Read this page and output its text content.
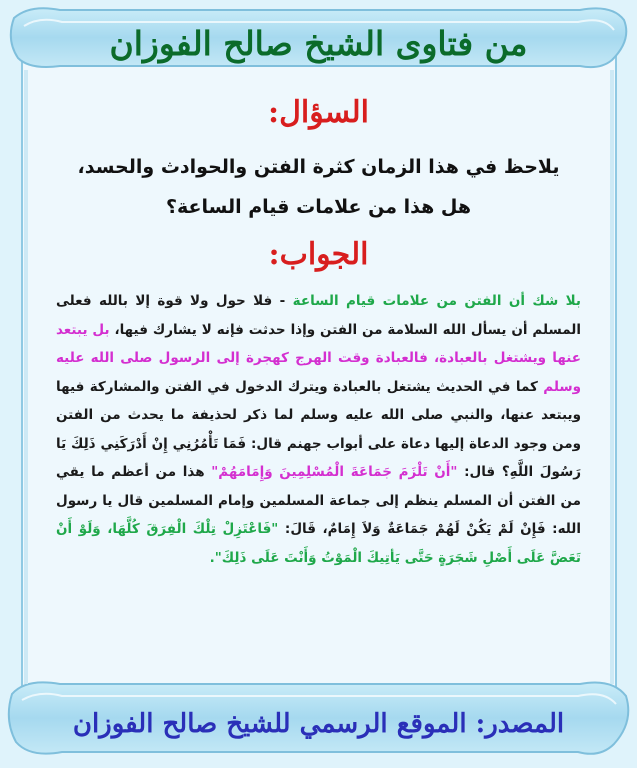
من فتاوى الشيخ صالح الفوزان
السؤال:
يلاحظ في هذا الزمان كثرة الفتن والحوادث والحسد،
هل هذا من علامات قيام الساعة؟
الجواب:
بلا شك أن الفتن من علامات قيام الساعة - فلا حول ولا قوة إلا بالله فعلى المسلم أن يسأل الله السلامة من الفتن وإذا حدثت فإنه لا يشارك فيها، بل يبتعد عنها ويشتغل بالعبادة، فالعبادة وقت الهرج كهجرة إلى الرسول صلى الله عليه وسلم كما في الحديث يشتغل بالعبادة ويترك الدخول في الفتن والمشاركة فيها ويبتعد عنها، والنبي صلى الله عليه وسلم لما ذكر لحذيفة ما يحدث من الفتن ومن وجود الدعاة إليها دعاة على أبواب جهنم قال: فَمَا تَأْمُرُنِي إِنْ أَدْرَكَنِي ذَلِكَ يَا رَسُولَ اللَّهِ؟ قال: "أَنْ تَلْزَمَ جَمَاعَةَ الْمُسْلِمِينَ وَإِمَامَهُمْ" هذا من أعظم ما يقي من الفتن أن المسلم ينظم إلى جماعة المسلمين وإمام المسلمين قال يا رسول الله: فَإِنْ لَمْ يَكُنْ لَهُمْ جَمَاعَةٌ وَلاَ إِمَامٌ، قَالَ: "فَاعْتَزِلْ تِلْكَ الْفِرَقَ كُلَّهَا، وَلَوْ أَنْ تَعَضَّ عَلَى أَصْلِ شَجَرَةٍ حَتَّى يَأتِيكَ الْمَوْتُ وَأَنْتَ عَلَى ذَلِكَ".
المصدر: الموقع الرسمي للشيخ صالح الفوزان
